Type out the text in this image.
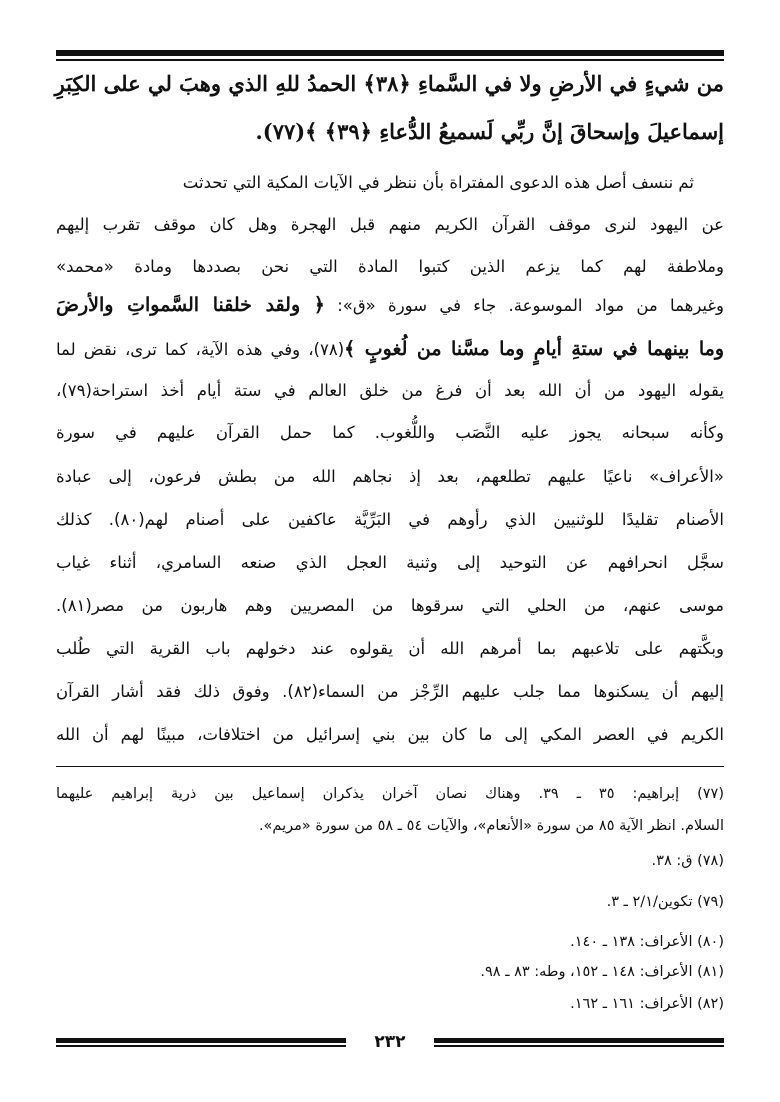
من شيءٍ في الأرضِ ولا في السَّماءِ ﴿٣٨﴾ الحمدُ للهِ الذي وهبَ لي على الكِبَرِ
إسماعيلَ وإسحاقَ إنَّ ربِّي لَسميعُ الدُّعاءِ ﴿٣٩﴾ ﴾(٧٧).
ثم ننسف أصل هذه الدعوى المفتراة بأن ننظر في الآيات المكية التي تحدثت
عن اليهود لنرى موقف القرآن الكريم منهم قبل الهجرة وهل كان موقف تقرب إليهم
وملاطفة لهم كما يزعم الذين كتبوا المادة التي نحن بصددها ومادة «محمد»
وغيرهما من مواد الموسوعة. جاء في سورة «ق»: ﴿ ولقد خلقنا السَّمواتِ والأرضَ
وما بينهما في ستةِ أيامٍ وما مسَّنا من لُغوبٍ ﴾(٧٨)، وفي هذه الآية، كما ترى، نقض لما
يقوله اليهود من أن الله بعد أن فرغ من خلق العالم في ستة أيام أخذ استراحة(٧٩)،
وكأنه سبحانه يجوز عليه النَّصَب واللُّغوب. كما حمل القرآن عليهم في سورة
«الأعراف» ناعيًا عليهم تطلعهم، بعد إذ نجاهم الله من بطش فرعون، إلى عبادة
الأصنام تقليدًا للوثنيين الذي رأوهم في البَرِّيَّة عاكفين على أصنام لهم(٨٠). كذلك
سجَّل انحرافهم عن التوحيد إلى وثنية العجل الذي صنعه السامري، أثناء غياب
موسى عنهم، من الحلي التي سرقوها من المصريين وهم هاربون من مصر(٨١).
وبكَّتهم على تلاعبهم بما أمرهم الله أن يقولوه عند دخولهم باب القرية التي طُلب
إليهم أن يسكنوها مما جلب عليهم الرِّجْز من السماء(٨٢). وفوق ذلك فقد أشار القرآن
الكريم في العصر المكي إلى ما كان بين بني إسرائيل من اختلافات، مبينًا لهم أن الله
(٧٧) إبراهيم: ٣٥ ـ ٣٩. وهناك نصان آخران يذكران إسماعيل بين ذرية إبراهيم عليهما
السلام. انظر الآية ٨٥ من سورة «الأنعام»، والآيات ٥٤ ـ ٥٨ من سورة «مريم».
(٧٨) ق: ٣٨.
(٧٩) تكوين/٢/١ ـ ٣.
(٨٠) الأعراف: ١٣٨ ـ ١٤٠.
(٨١) الأعراف: ١٤٨ ـ ١٥٢، وطه: ٨٣ ـ ٩٨.
(٨٢) الأعراف: ١٦١ ـ ١٦٢.
٢٣٢
